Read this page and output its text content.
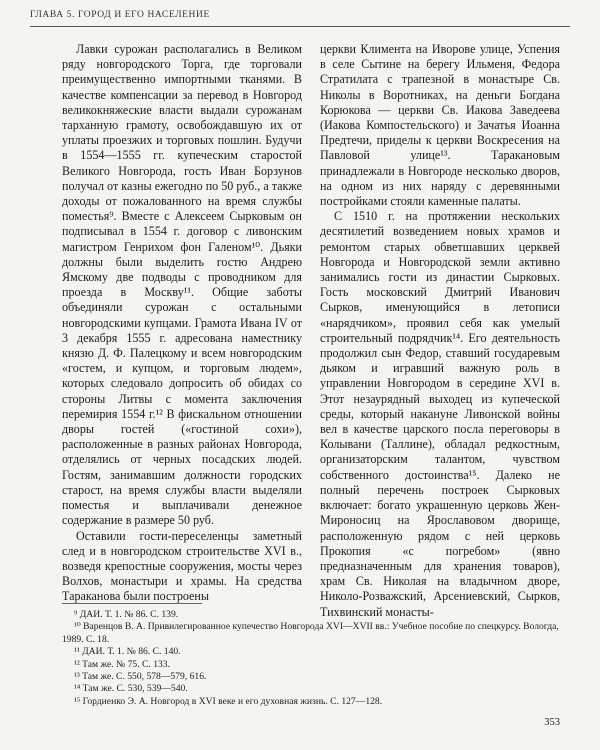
ГЛАВА 5. ГОРОД И ЕГО НАСЕЛЕНИЕ

Лавки сурожан располагались в Великом ряду новгородского Торга, где торговали преимущественно импортными тканями. В качестве компенсации за перевод в Новгород великокняжеские власти выдали сурожанам тарханную грамоту, освобождавшую их от уплаты проезжих и торговых пошлин. Будучи в 1554—1555 гг. купеческим старостой Великого Новгорода, гость Иван Борзунов получал от казны ежегодно по 50 руб., а также доходы от пожалованного на время службы поместья⁹. Вместе с Алексеем Сырковым он подписывал в 1554 г. договор с ливонским магистром Генрихом фон Галеном¹⁰. Дьяки должны были выделить гостю Андрею Ямскому две подводы с проводником для проезда в Москву¹¹. Общие заботы объединяли сурожан с остальными новгородскими купцами. Грамота Ивана IV от 3 декабря 1555 г. адресована наместнику князю Д. Ф. Палецкому и всем новгородским «гостем, и купцом, и торговым людем», которых следовало допросить об обидах со стороны Литвы с момента заключения перемирия 1554 г.¹² В фискальном отношении дворы гостей («гостиной сохи»), расположенные в разных районах Новгорода, отделялись от черных посадских людей. Гостям, занимавшим должности городских старост, на время службы власти выделяли поместья и выплачивали денежное содержание в размере 50 руб.

Оставили гости-переселенцы заметный след и в новгородском строительстве XVI в., возведя крепостные сооружения, мосты через Волхов, монастыри и храмы. На средства Тараканова были построены

церкви Климента на Иворове улице, Успения в селе Сытине на берегу Ильменя, Федора Стратилата с трапезной в монастыре Св. Николы в Воротниках, на деньги Богдана Корюкова — церкви Св. Иакова Заведеева (Иакова Компостельского) и Зачатья Иоанна Предтечи, приделы к церкви Воскресения на Павловой улице¹³. Таракановым принадлежали в Новгороде несколько дворов, на одном из них наряду с деревянными постройками стояли каменные палаты.

С 1510 г. на протяжении нескольких десятилетий возведением новых храмов и ремонтом старых обветшавших церквей Новгорода и Новгородской земли активно занимались гости из династии Сырковых. Гость московский Дмитрий Иванович Сырков, именующийся в летописи «нарядчиком», проявил себя как умелый строительный подрядчик¹⁴. Его деятельность продолжил сын Федор, ставший государевым дьяком и игравший важную роль в управлении Новгородом в середине XVI в. Этот незаурядный выходец из купеческой среды, который накануне Ливонской войны вел в качестве царского посла переговоры в Колывани (Таллине), обладал редкостным, организаторским талантом, чувством собственного достоинства¹⁵. Далеко не полный перечень построек Сырковых включает: богато украшенную церковь Жен-Мироносиц на Ярославовом дворище, расположенную рядом с ней церковь Прокопия «с погребом» (явно предназначенным для хранения товаров), храм Св. Николая на владычном дворе, Николо-Розважский, Арсениевский, Сырков, Тихвинский монасты-

⁹ ДАИ. Т. 1. № 86. С. 139.
¹⁰ Варенцов В. А. Привилегированное купечество Новгорода XVI—XVII вв.: Учебное пособие по спецкурсу. Вологда, 1989. С. 18.
¹¹ ДАИ. Т. 1. № 86. С. 140.
¹² Там же. № 75. С. 133.
¹³ Там же. С. 550, 578—579, 616.
¹⁴ Там же. С. 530, 539—540.
¹⁵ Гордиенко Э. А. Новгород в XVI веке и его духовная жизнь. С. 127—128.
353
